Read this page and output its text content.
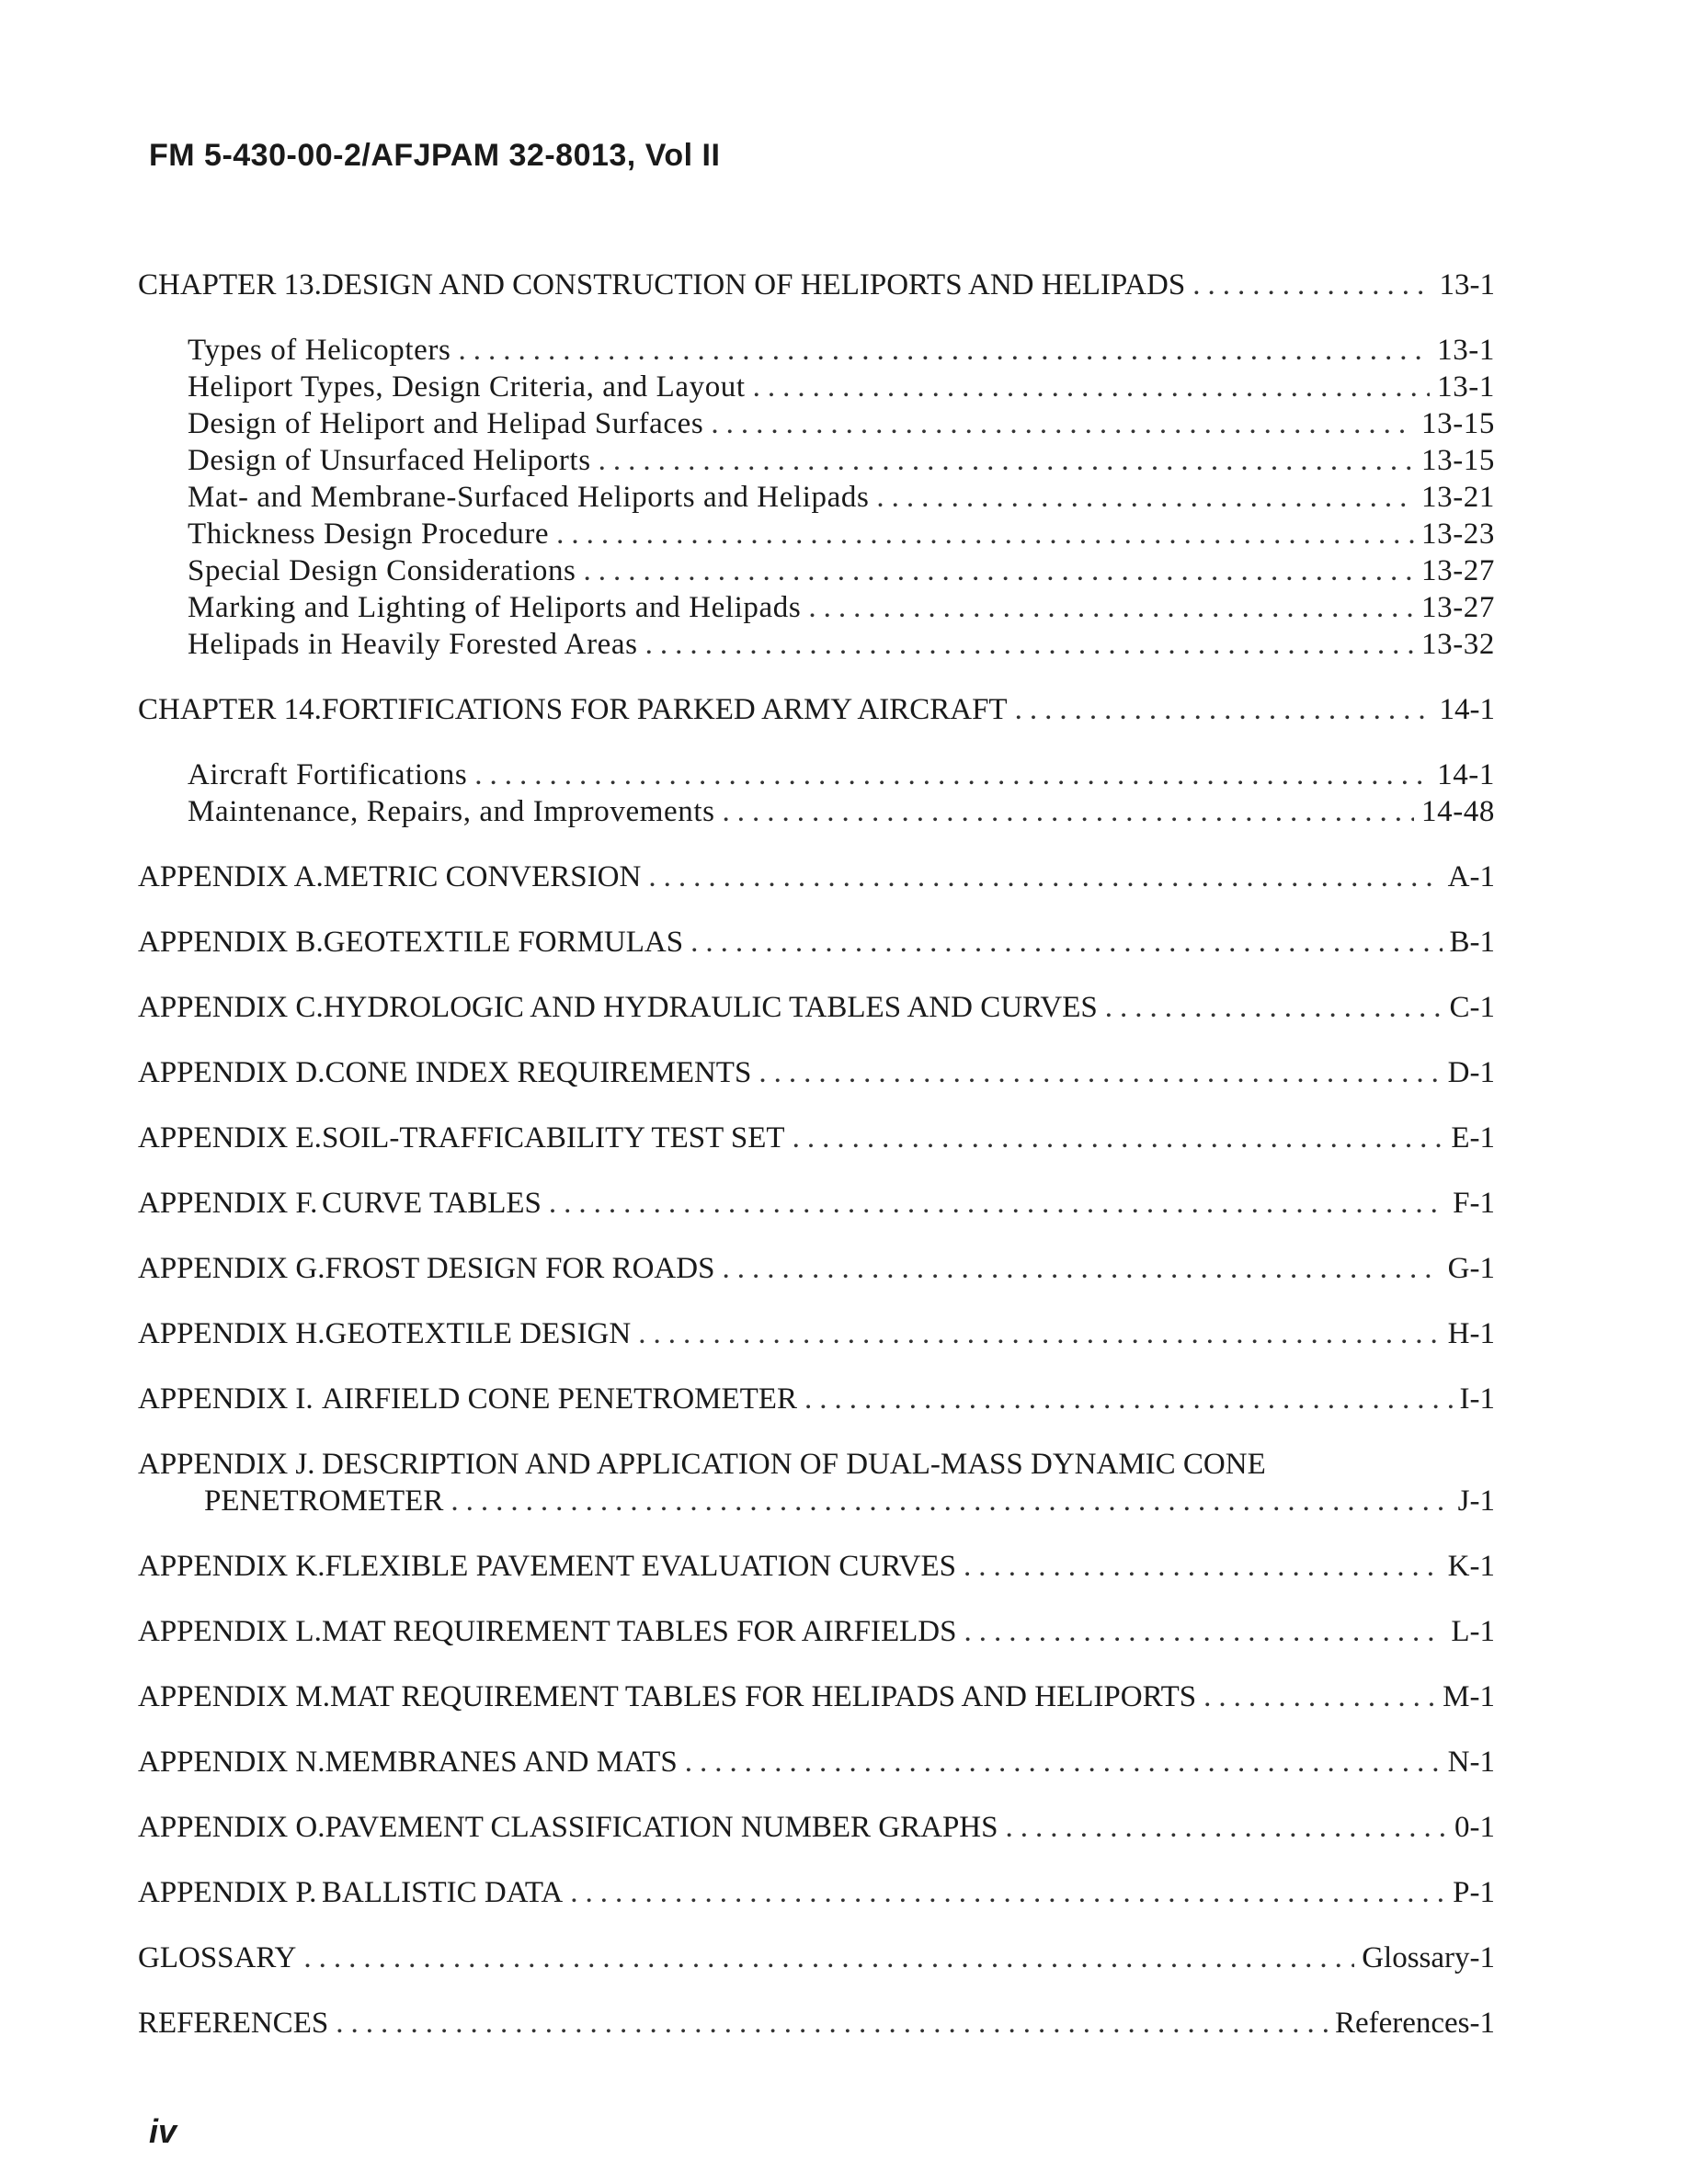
FM 5-430-00-2/AFJPAM 32-8013, Vol II
CHAPTER 13.DESIGN AND CONSTRUCTION OF HELIPORTS AND HELIPADS .....	13-1
Types of Helicopters .....	13-1
Heliport Types, Design Criteria, and Layout .....	13-1
Design of Heliport and Helipad Surfaces .....	13-15
Design of Unsurfaced Heliports .....	13-15
Mat- and Membrane-Surfaced Heliports and Helipads .....	13-21
Thickness Design Procedure .....	13-23
Special Design Considerations .....	13-27
Marking and Lighting of Heliports and Helipads .....	13-27
Helipads in Heavily Forested Areas .....	13-32
CHAPTER 14.FORTIFICATIONS FOR PARKED ARMY AIRCRAFT .....	14-1
Aircraft Fortifications .....	14-1
Maintenance, Repairs, and Improvements .....	14-48
APPENDIX A.METRIC CONVERSION .....	A-1
APPENDIX B.GEOTEXTILE FORMULAS .....	B-1
APPENDIX C.HYDROLOGIC AND HYDRAULIC TABLES AND CURVES .....	C-1
APPENDIX D.CONE INDEX REQUIREMENTS .....	D-1
APPENDIX E.SOIL-TRAFFICABILITY TEST SET .....	E-1
APPENDIX F. CURVE TABLES .....	F-1
APPENDIX G.FROST DESIGN FOR ROADS .....	G-1
APPENDIX H.GEOTEXTILE DESIGN .....	H-1
APPENDIX I. AIRFIELD CONE PENETROMETER .....	I-1
APPENDIX J. DESCRIPTION AND APPLICATION OF DUAL-MASS DYNAMIC CONE
PENETROMETER .....	J-1
APPENDIX K.FLEXIBLE PAVEMENT EVALUATION CURVES .....	K-1
APPENDIX L.MAT REQUIREMENT TABLES FOR AIRFIELDS .....	L-1
APPENDIX M.MAT REQUIREMENT TABLES FOR HELIPADS AND HELIPORTS .....	M-1
APPENDIX N.MEMBRANES AND MATS .....	N-1
APPENDIX O.PAVEMENT CLASSIFICATION NUMBER GRAPHS .....	0-1
APPENDIX P. BALLISTIC DATA .....	P-1
GLOSSARY .....	Glossary-1
REFERENCES .....	References-1
iv
